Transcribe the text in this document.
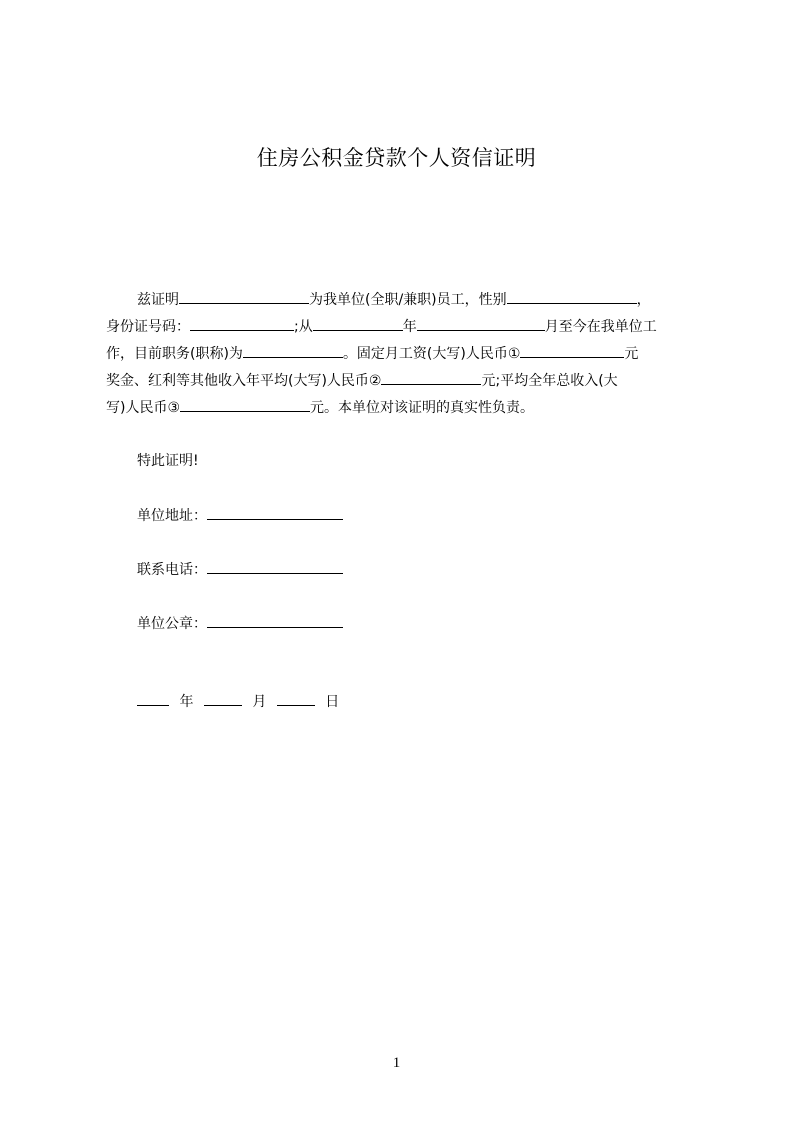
住房公积金贷款个人资信证明
兹证明	为我单位(全职/兼职)员工，性别	，
身份证号码：	;从	年	月至今在我单位工
作，目前职务(职称)为	。固定月工资(大写)人民币①	元
奖金、红利等其他收入年平均(大写)人民币②	元;平均全年总收入(大
写)人民币③	元。本单位对该证明的真实性负责。
特此证明!
单位地址：
联系电话：
单位公章：
年	月	日
1
